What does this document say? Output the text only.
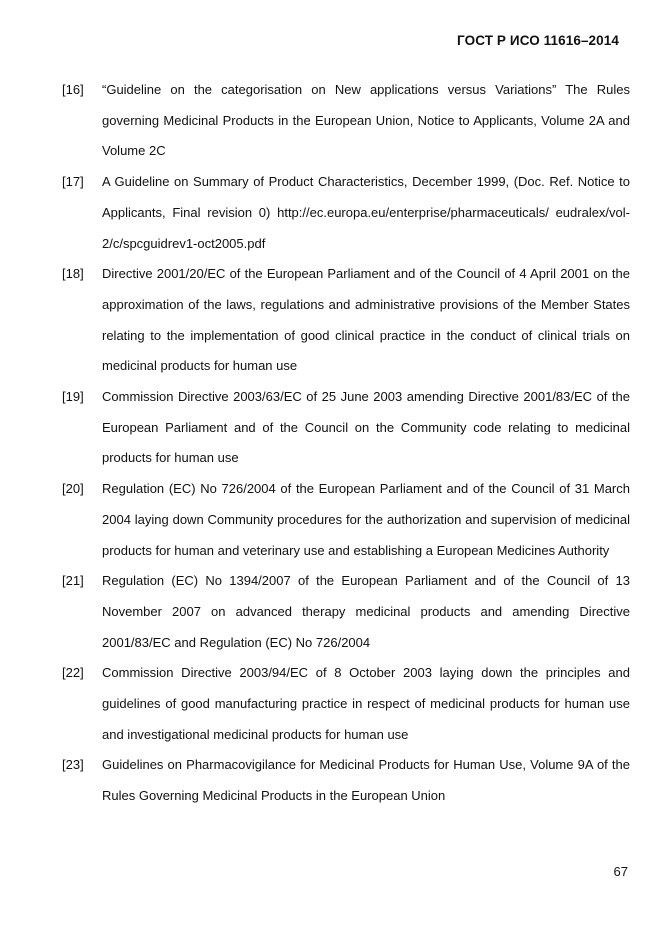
ГОСТ Р ИСО 11616–2014
[16]	“Guideline on the categorisation on New applications versus Variations” The Rules governing Medicinal Products in the European Union, Notice to Applicants, Volume 2A and Volume 2C
[17]	A Guideline on Summary of Product Characteristics, December 1999, (Doc. Ref. Notice to Applicants, Final revision 0) http://ec.europa.eu/enterprise/pharmaceuticals/ eudralex/vol-2/c/spcguidrev1-oct2005.pdf
[18]	Directive 2001/20/EC of the European Parliament and of the Council of 4 April 2001 on the approximation of the laws, regulations and administrative provisions of the Member States relating to the implementation of good clinical practice in the conduct of clinical trials on medicinal products for human use
[19]	Commission Directive 2003/63/EC of 25 June 2003 amending Directive 2001/83/EC of the European Parliament and of the Council on the Community code relating to medicinal products for human use
[20]	Regulation (EC) No 726/2004 of the European Parliament and of the Council of 31 March 2004 laying down Community procedures for the authorization and supervision of medicinal products for human and veterinary use and establishing a European Medicines Authority
[21]	Regulation (EC) No 1394/2007 of the European Parliament and of the Council of 13 November 2007 on advanced therapy medicinal products and amending Directive 2001/83/EC and Regulation (EC) No 726/2004
[22]	Commission Directive 2003/94/EC of 8 October 2003 laying down the principles and guidelines of good manufacturing practice in respect of medicinal products for human use and investigational medicinal products for human use
[23]	Guidelines on Pharmacovigilance for Medicinal Products for Human Use, Volume 9A of the Rules Governing Medicinal Products in the European Union
67
